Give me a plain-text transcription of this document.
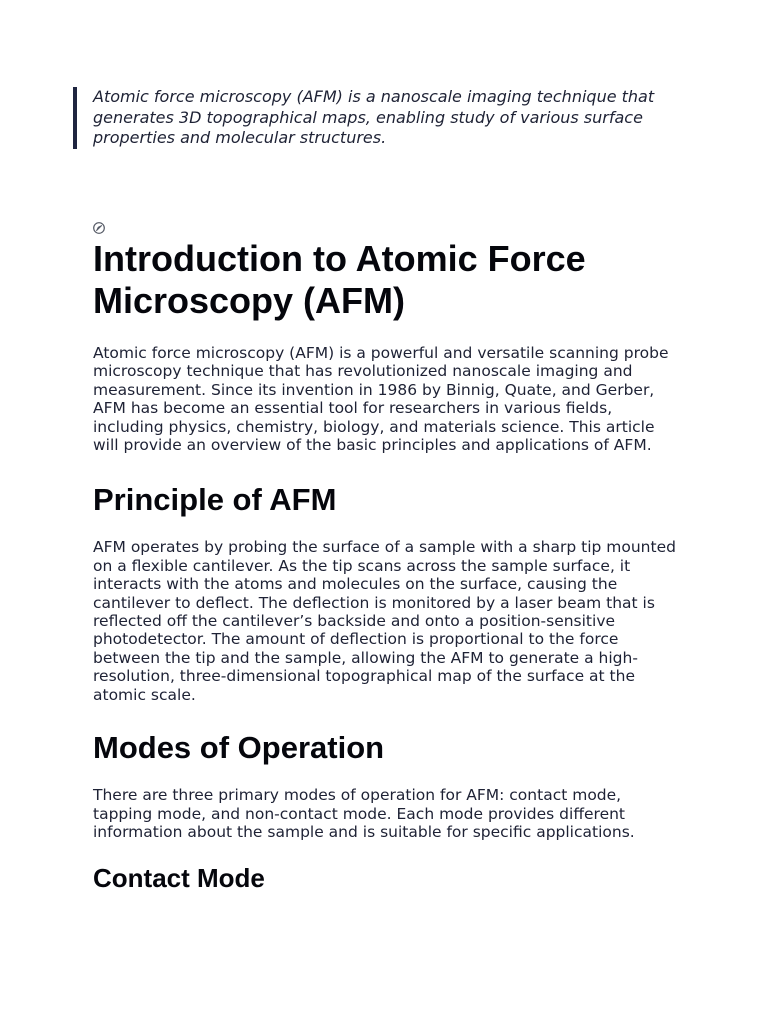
Atomic force microscopy (AFM) is a nanoscale imaging technique that generates 3D topographical maps, enabling study of various surface properties and molecular structures.
Introduction to Atomic Force Microscopy (AFM)

Atomic force microscopy (AFM) is a powerful and versatile scanning probe microscopy technique that has revolutionized nanoscale imaging and measurement. Since its invention in 1986 by Binnig, Quate, and Gerber, AFM has become an essential tool for researchers in various fields, including physics, chemistry, biology, and materials science. This article will provide an overview of the basic principles and applications of AFM.

Principle of AFM

AFM operates by probing the surface of a sample with a sharp tip mounted on a flexible cantilever. As the tip scans across the sample surface, it interacts with the atoms and molecules on the surface, causing the cantilever to deflect. The deflection is monitored by a laser beam that is reflected off the cantilever’s backside and onto a position-sensitive photodetector. The amount of deflection is proportional to the force between the tip and the sample, allowing the AFM to generate a high-resolution, three-dimensional topographical map of the surface at the atomic scale.

Modes of Operation

There are three primary modes of operation for AFM: contact mode, tapping mode, and non-contact mode. Each mode provides different information about the sample and is suitable for specific applications.

Contact Mode
